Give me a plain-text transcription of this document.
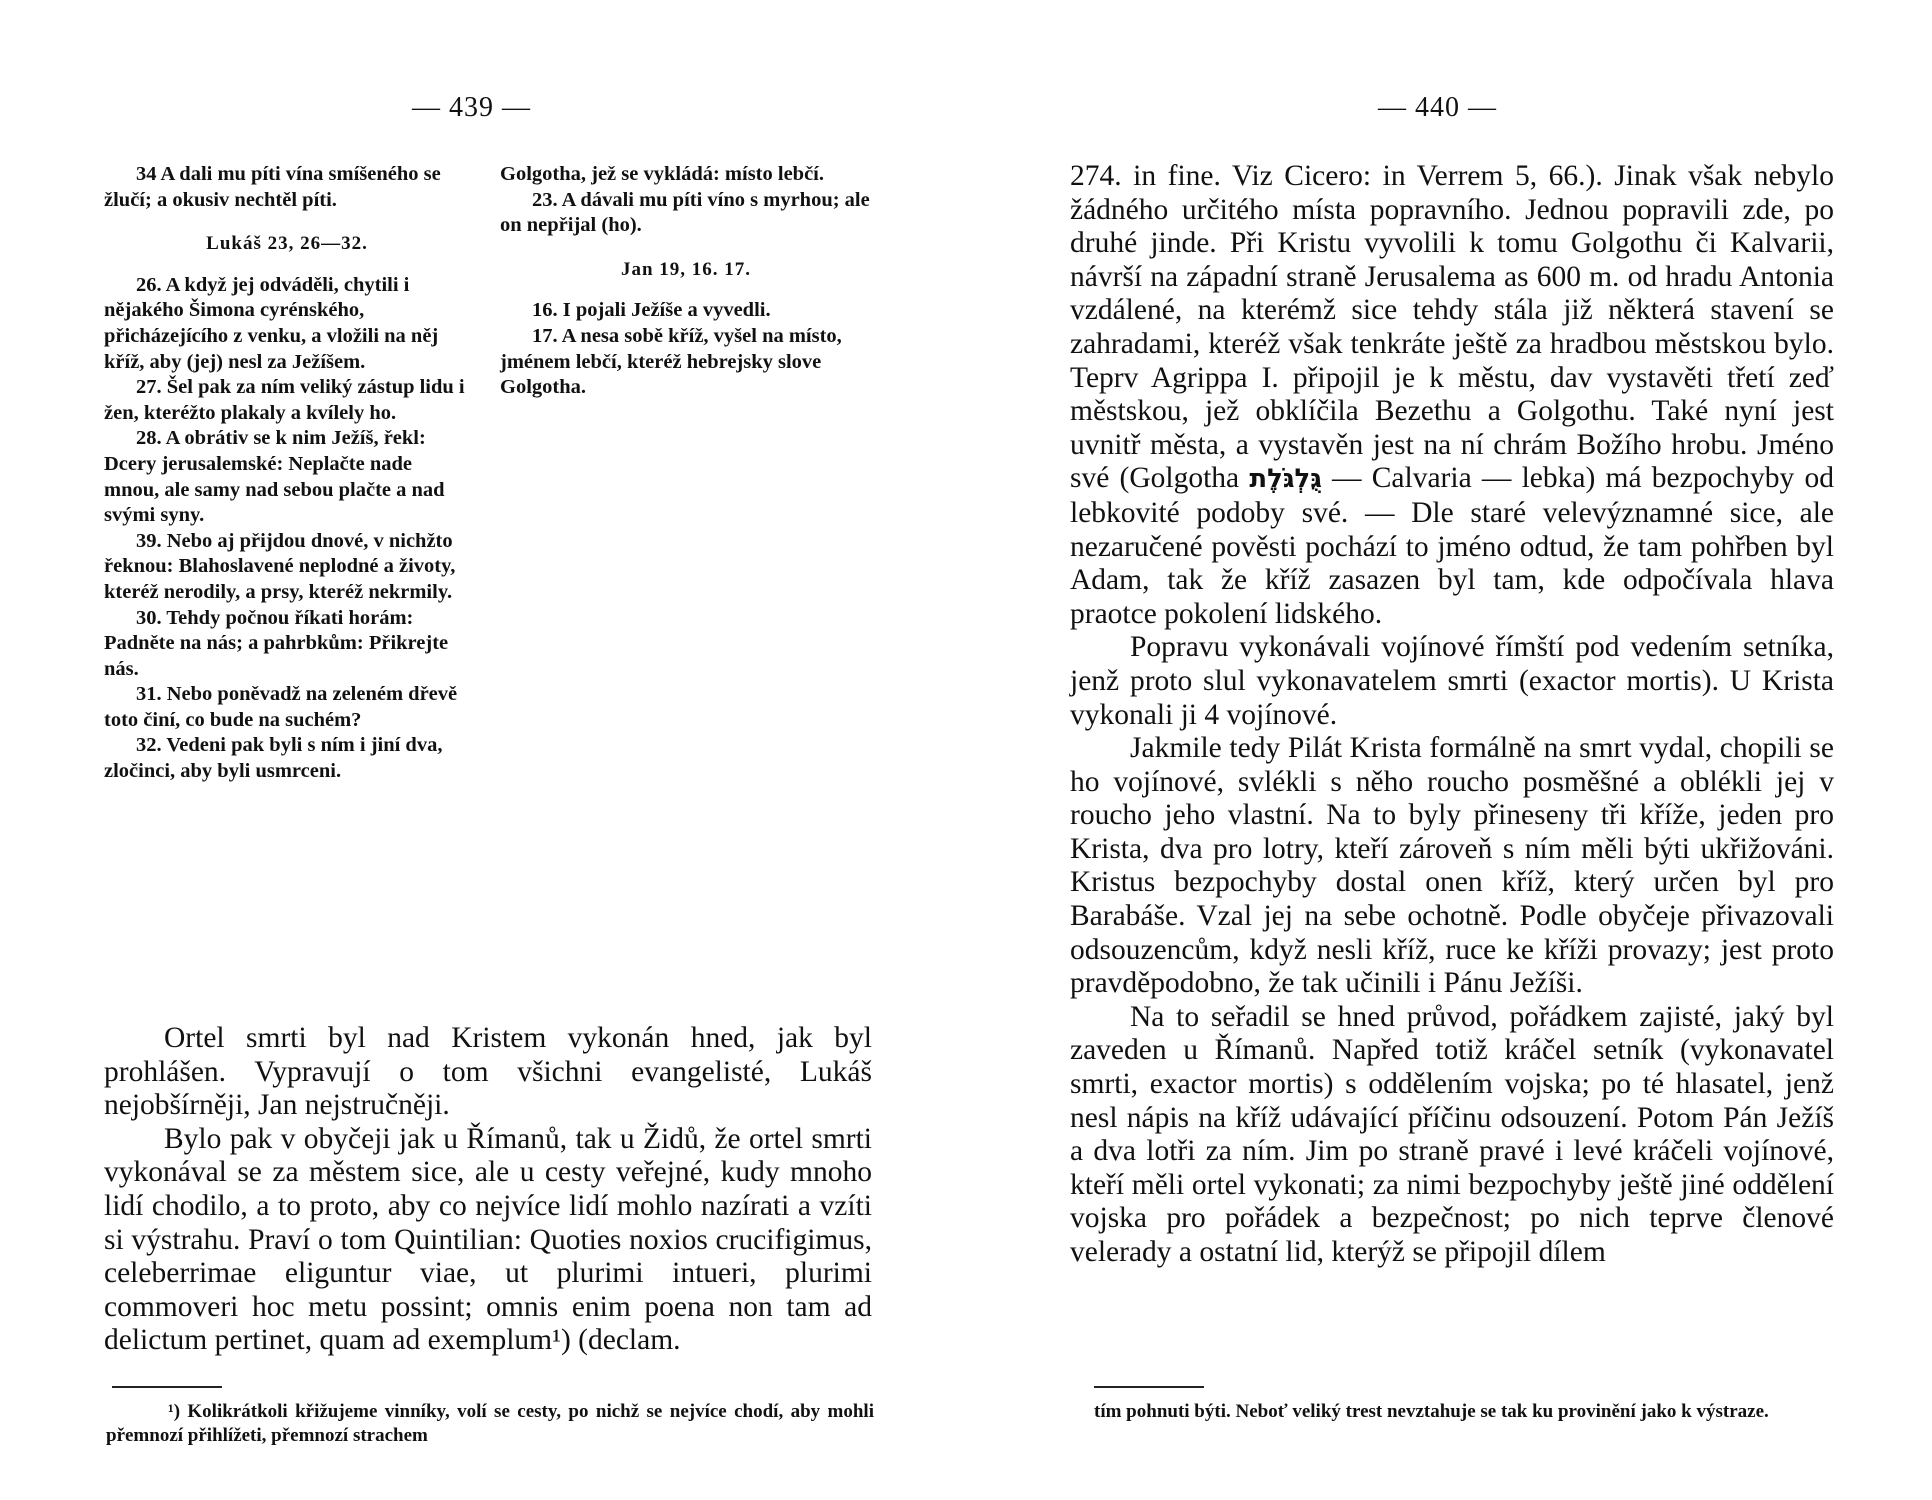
— 439 —

34 A dali mu píti vína smíšeného se žlučí; a okusiv nechtěl píti.

Lukáš 23, 26—32.

26. A když jej odváděli, chytili i nějakého Šimona cyrénského, přicházejícího z venku, a vložili na něj kříž, aby (jej) nesl za Ježíšem.

27. Šel pak za ním veliký zástup lidu i žen, kteréžto plakaly a kvílely ho.

28. A obrátiv se k nim Ježíš, řekl: Dcery jerusalemské: Neplačte nade mnou, ale samy nad sebou plačte a nad svými syny.

39. Nebo aj přijdou dnové, v nichžto řeknou: Blahoslavené neplodné a životy, kteréž nerodily, a prsy, kteréž nekrmily.

30. Tehdy počnou říkati horám: Padněte na nás; a pahrbkům: Přikrejte nás.

31. Nebo poněvadž na zeleném dřevě toto činí, co bude na suchém?

32. Vedeni pak byli s ním i jiní dva, zločinci, aby byli usmrceni.

Golgotha, jež se vykládá: místo lebčí.

23. A dávali mu píti víno s myrhou; ale on nepřijal (ho).

Jan 19, 16. 17.

16. I pojali Ježíše a vyvedli.

17. A nesa sobě kříž, vyšel na místo, jménem lebčí, kteréž hebrejsky slove Golgotha.

Ortel smrti byl nad Kristem vykonán hned, jak byl prohlášen. Vypravují o tom všichni evangelisté, Lukáš nejobšírněji, Jan nejstručněji.

Bylo pak v obyčeji jak u Římanů, tak u Židů, že ortel smrti vykonával se za městem sice, ale u cesty veřejné, kudy mnoho lidí chodilo, a to proto, aby co nejvíce lidí mohlo nazírati a vzíti si výstrahu. Praví o tom Quintilian: Quoties noxios crucifigimus, celeberrimae eliguntur viae, ut plurimi intueri, plurimi commoveri hoc metu possint; omnis enim poena non tam ad delictum pertinet, quam ad exemplum¹) (declam.

¹) Kolikrátkoli křižujeme vinníky, volí se cesty, po nichž se nejvíce chodí, aby mohli přemnozí přihlížeti, přemnozí strachem

— 440 —

274. in fine. Viz Cicero: in Verrem 5, 66.). Jinak však nebylo žádného určitého místa popravního. Jednou popravili zde, po druhé jinde. Při Kristu vyvolili k tomu Golgothu či Kalvarii, návrší na západní straně Jerusalema as 600 m. od hradu Antonia vzdálené, na kterémž sice tehdy stála již některá stavení se zahradami, kteréž však tenkráte ještě za hradbou městskou bylo. Teprv Agrippa I. připojil je k městu, dav vystavěti třetí zeď městskou, jež obklíčila Bezethu a Golgothu. Také nyní jest uvnitř města, a vystavěn jest na ní chrám Božího hrobu. Jméno své (Golgotha גֻּלְגֹּלֶת — Calvaria — lebka) má bezpochyby od lebkovité podoby své. — Dle staré velevýznamné sice, ale nezaručené pověsti pochází to jméno odtud, že tam pohřben byl Adam, tak že kříž zasazen byl tam, kde odpočívala hlava praotce pokolení lidského.

Popravu vykonávali vojínové římští pod vedením setníka, jenž proto slul vykonavatelem smrti (exactor mortis). U Krista vykonali ji 4 vojínové.

Jakmile tedy Pilát Krista formálně na smrt vydal, chopili se ho vojínové, svlékli s něho roucho posměšné a oblékli jej v roucho jeho vlastní. Na to byly přineseny tři kříže, jeden pro Krista, dva pro lotry, kteří zároveň s ním měli býti ukřižováni. Kristus bezpochyby dostal onen kříž, který určen byl pro Barabáše. Vzal jej na sebe ochotně. Podle obyčeje přivazovali odsouzencům, když nesli kříž, ruce ke kříži provazy; jest proto pravděpodobno, že tak učinili i Pánu Ježíši.

Na to seřadil se hned průvod, pořádkem zajisté, jaký byl zaveden u Římanů. Napřed totiž kráčel setník (vykonavatel smrti, exactor mortis) s oddělením vojska; po té hlasatel, jenž nesl nápis na kříž udávající příčinu odsouzení. Potom Pán Ježíš a dva lotři za ním. Jim po straně pravé i levé kráčeli vojínové, kteří měli ortel vykonati; za nimi bezpochyby ještě jiné oddělení vojska pro pořádek a bezpečnost; po nich teprve členové velerady a ostatní lid, kterýž se připojil dílem

tím pohnuti býti. Neboť veliký trest nevztahuje se tak ku provinění jako k výstraze.
